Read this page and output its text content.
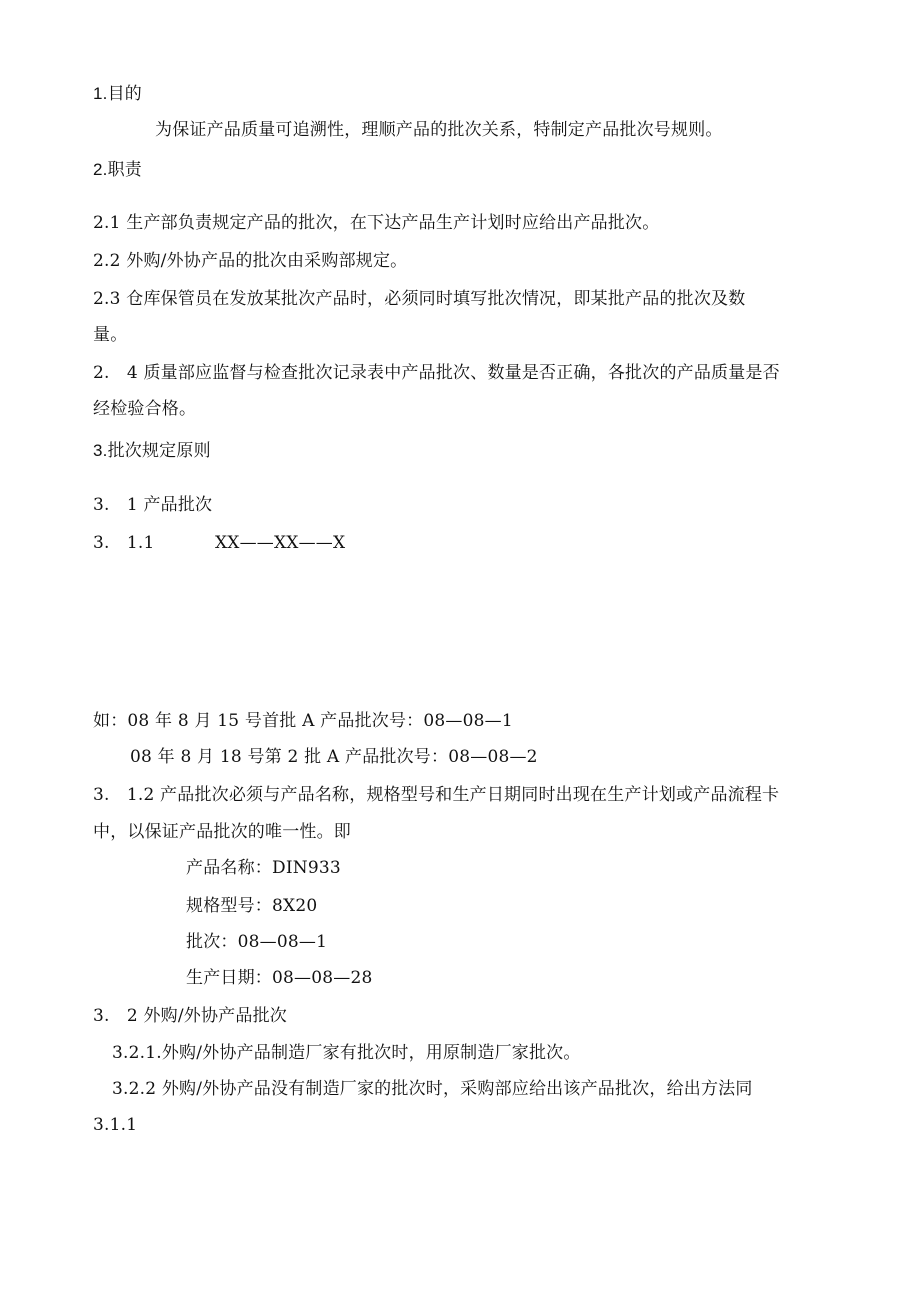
1.目的
为保证产品质量可追溯性，理顺产品的批次关系，特制定产品批次号规则。
2.职责
2.1 生产部负责规定产品的批次，在下达产品生产计划时应给出产品批次。
2.2 外购/外协产品的批次由采购部规定。
2.3 仓库保管员在发放某批次产品时，必须同时填写批次情况，即某批产品的批次及数
量。
2.　4 质量部应监督与检查批次记录表中产品批次、数量是否正确，各批次的产品质量是否
经检验合格。
3.批次规定原则
3.　1 产品批次
3.　1.1	XX——XX——X
如：08 年 8 月 15 号首批 A 产品批次号：08—08—1
08 年 8 月 18 号第 2 批 A 产品批次号：08—08—2
3.　1.2 产品批次必须与产品名称，规格型号和生产日期同时出现在生产计划或产品流程卡
中，以保证产品批次的唯一性。即
产品名称：DIN933
规格型号：8X20
批次：08—08—1
生产日期：08—08—28
3.　2 外购/外协产品批次
3.2.1.外购/外协产品制造厂家有批次时，用原制造厂家批次。
3.2.2 外购/外协产品没有制造厂家的批次时，采购部应给出该产品批次，给出方法同
3.1.1
